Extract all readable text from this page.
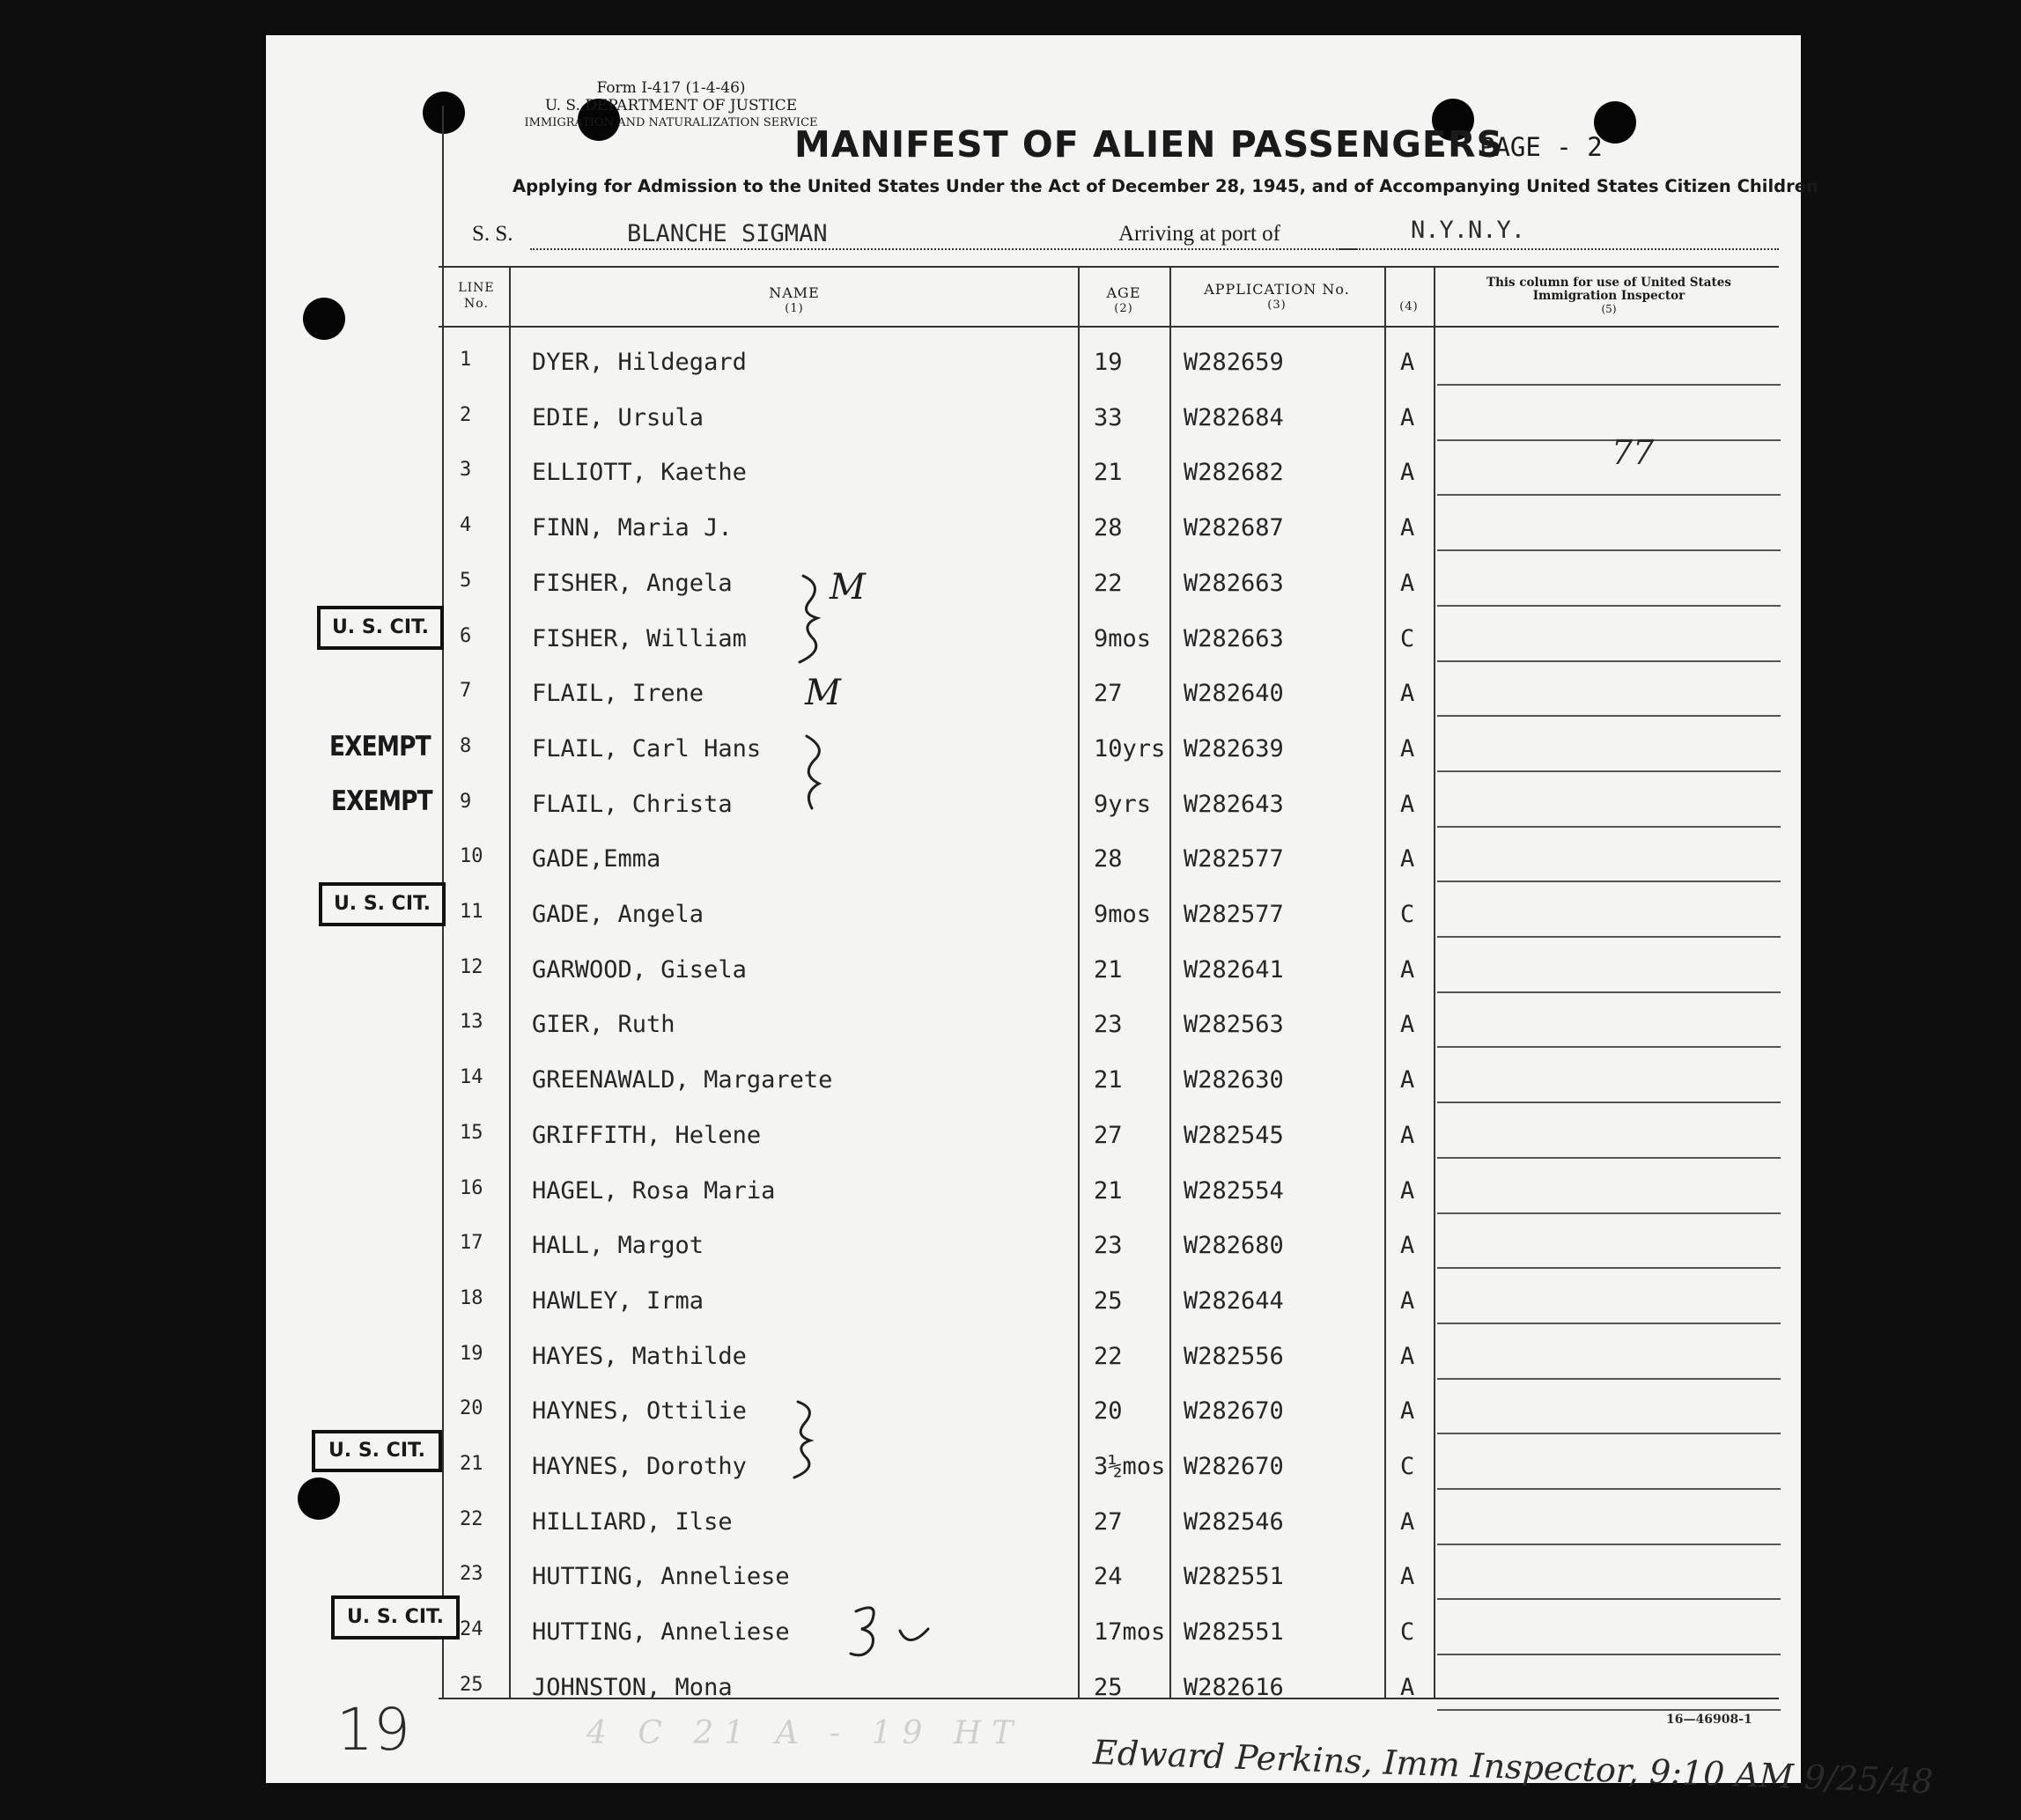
Form I-417 (1-4-46)
U. S. DEPARTMENT OF JUSTICE
IMMIGRATION AND NATURALIZATION SERVICE
MANIFEST OF ALIEN PASSENGERS
PAGE - 2
Applying for Admission to the United States Under the Act of December 28, 1945, and of Accompanying United States Citizen Children
S. S.	BLANCHE SIGMAN	Arriving at port of	N.Y.N.Y.
LINE No.
NAME
(1)
AGE
(2)
APPLICATION No.
(3)	(4)
This column for use of United States Immigration Inspector
(5)
1	DYER, Hildegard	19	W282659	A
2	EDIE, Ursula	33	W282684	A
3	ELLIOTT, Kaethe	21	W282682	A
4	FINN, Maria J.	28	W282687	A
5	FISHER, Angela	22	W282663	A
6	FISHER, William	9mos W282663	C
7	FLAIL, Irene	27	W282640	A
8	FLAIL, Carl Hans	10yrs W282639	A
9	FLAIL, Christa	9yrs W282643	A
10 GADE,Emma	28	W282577	A
11 GADE, Angela	9mos W282577	C
12 GARWOOD, Gisela	21	W282641	A
13 GIER, Ruth	23	W282563	A
14 GREENAWALD, Margarete	21	W282630	A
15 GRIFFITH, Helene	27	W282545	A
16 HAGEL, Rosa Maria	21	W282554	A
17 HALL, Margot	23	W282680	A
18 HAWLEY, Irma	25	W282644	A
19 HAYES, Mathilde	22	W282556	A
20 HAYNES, Ottilie	20	W282670	A
21 HAYNES, Dorothy	3½mos W282670	C
22 HILLIARD, Ilse	27	W282546	A
23 HUTTING, Anneliese	24	W282551	A
24 HUTTING, Anneliese	17mos W282551	C
25 JOHNSTON, Mona	25	W282616	A
U. S. CIT.
U. S. CIT.
U. S. CIT.
U. S. CIT.
EXEMPT
EXEMPT
77
19	4 C 21 A - 19 HT Edward Perkins, Imm Inspector, 9:10 AM 9/25/48
16—46908-1
M
M
